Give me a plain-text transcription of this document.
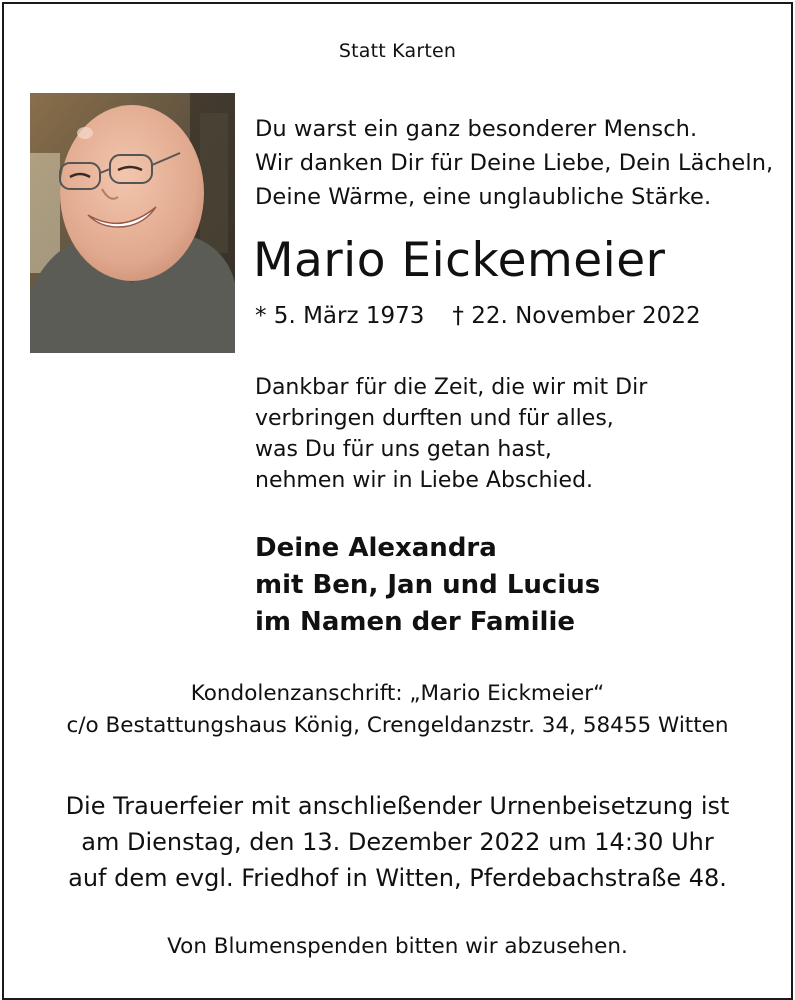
Statt Karten
Du warst ein ganz besonderer Mensch.
Wir danken Dir für Deine Liebe, Dein Lächeln,
Deine Wärme, eine unglaubliche Stärke.
Mario Eickemeier
* 5. März 1973 † 22. November 2022
Dankbar für die Zeit, die wir mit Dir
verbringen durften und für alles,
was Du für uns getan hast,
nehmen wir in Liebe Abschied.
Deine Alexandra
mit Ben, Jan und Lucius
im Namen der Familie
Kondolenzanschrift: „Mario Eickmeier“
c/o Bestattungshaus König, Crengeldanzstr. 34, 58455 Witten
Die Trauerfeier mit anschließender Urnenbeisetzung ist
am Dienstag, den 13. Dezember 2022 um 14:30 Uhr
auf dem evgl. Friedhof in Witten, Pferdebachstraße 48.
Von Blumenspenden bitten wir abzusehen.
